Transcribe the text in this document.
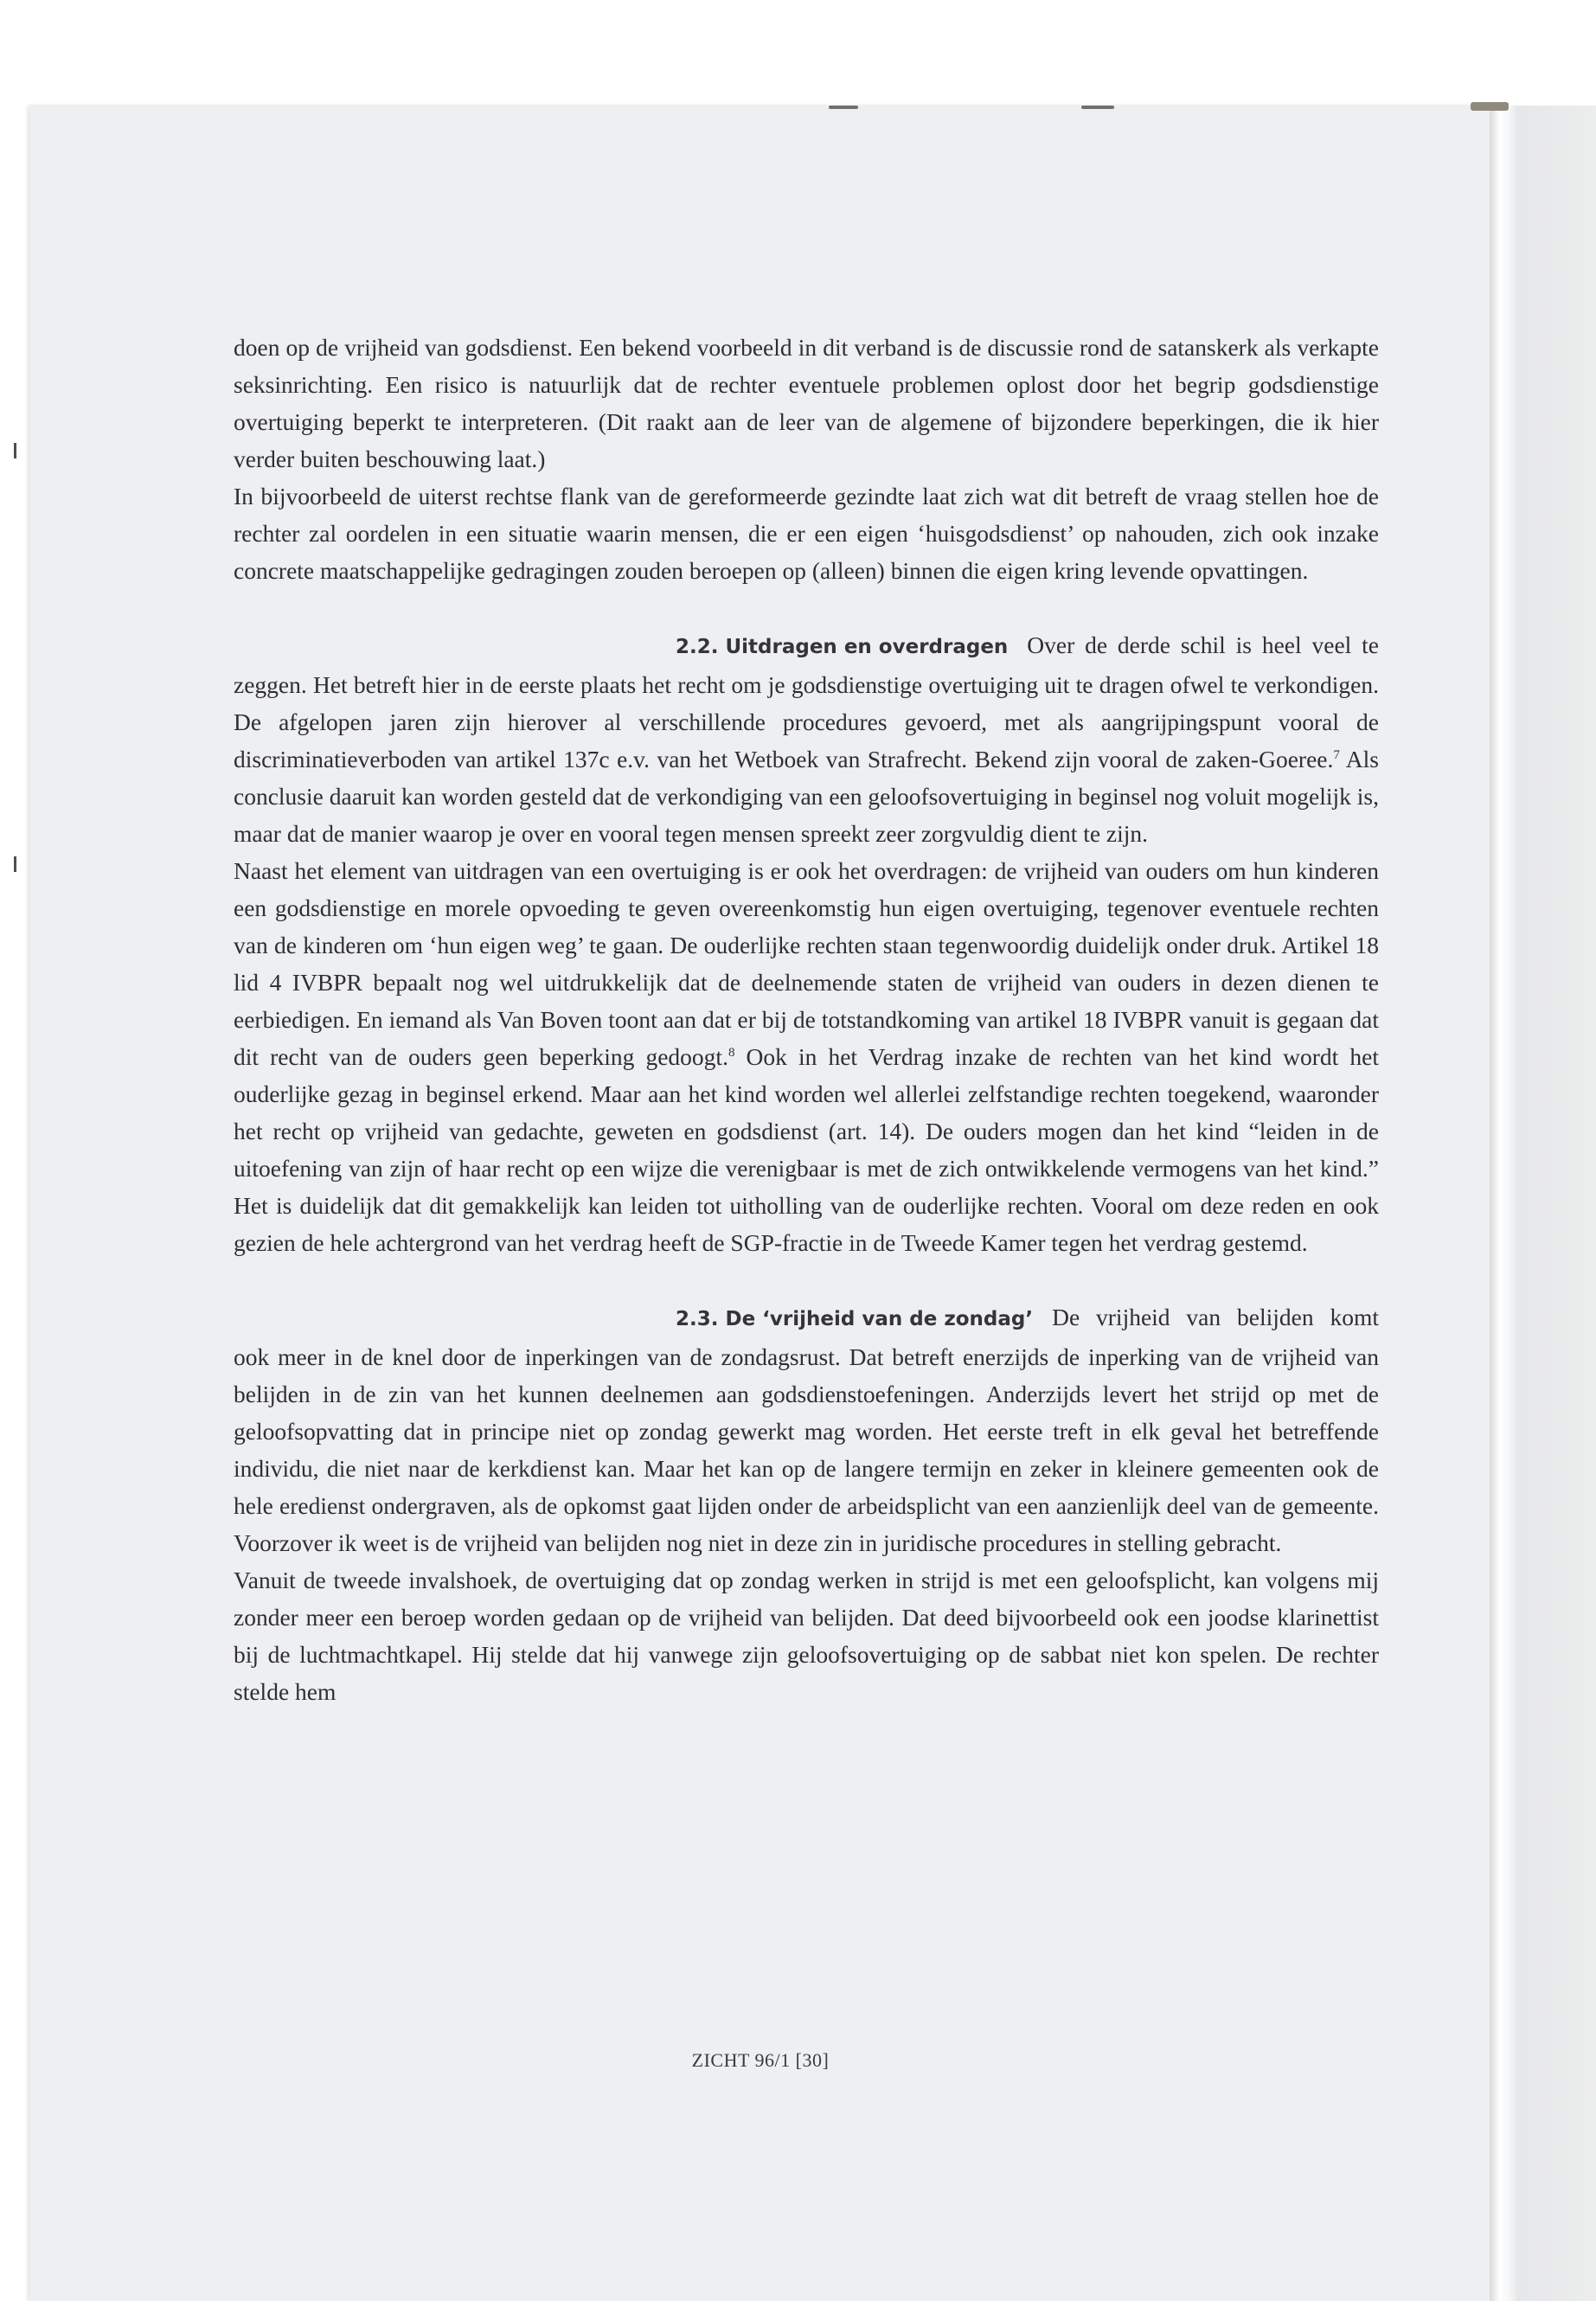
doen op de vrijheid van godsdienst. Een bekend voorbeeld in dit verband is de discussie rond de satanskerk als verkapte seksinrichting. Een risico is natuurlijk dat de rechter eventuele problemen oplost door het begrip godsdienstige overtuiging beperkt te interpreteren. (Dit raakt aan de leer van de algemene of bijzondere beperkingen, die ik hier verder buiten beschouwing laat.)

In bijvoorbeeld de uiterst rechtse flank van de gereformeerde gezindte laat zich wat dit betreft de vraag stellen hoe de rechter zal oordelen in een situatie waarin mensen, die er een eigen ‘huisgodsdienst’ op nahouden, zich ook inzake concrete maatschappelijke gedragingen zouden beroepen op (alleen) binnen die eigen kring levende opvattingen.

2.2. Uitdragen en overdragen Over de derde schil is heel veel te zeggen. Het betreft hier in de eerste plaats het recht om je godsdienstige overtuiging uit te dragen ofwel te verkondigen. De afgelopen jaren zijn hierover al verschillende procedures gevoerd, met als aangrijpingspunt vooral de discriminatieverboden van artikel 137c e.v. van het Wetboek van Strafrecht. Bekend zijn vooral de zaken-Goeree.$^7$ Als conclusie daaruit kan worden gesteld dat de verkondiging van een geloofsovertuiging in beginsel nog voluit mogelijk is, maar dat de manier waarop je over en vooral tegen mensen spreekt zeer zorgvuldig dient te zijn.

Naast het element van uitdragen van een overtuiging is er ook het overdragen: de vrijheid van ouders om hun kinderen een godsdienstige en morele opvoeding te geven overeenkomstig hun eigen overtuiging, tegenover eventuele rechten van de kinderen om ‘hun eigen weg’ te gaan. De ouderlijke rechten staan tegenwoordig duidelijk onder druk. Artikel 18 lid 4 IVBPR bepaalt nog wel uitdrukkelijk dat de deelnemende staten de vrijheid van ouders in dezen dienen te eerbiedigen. En iemand als Van Boven toont aan dat er bij de totstandkoming van artikel 18 IVBPR vanuit is gegaan dat dit recht van de ouders geen beperking gedoogt.$^8$ Ook in het Verdrag inzake de rechten van het kind wordt het ouderlijke gezag in beginsel erkend. Maar aan het kind worden wel allerlei zelfstandige rechten toegekend, waaronder het recht op vrijheid van gedachte, geweten en godsdienst (art. 14). De ouders mogen dan het kind “leiden in de uitoefening van zijn of haar recht op een wijze die verenigbaar is met de zich ontwikkelende vermogens van het kind.” Het is duidelijk dat dit gemakkelijk kan leiden tot uitholling van de ouderlijke rechten. Vooral om deze reden en ook gezien de hele achtergrond van het verdrag heeft de SGP-fractie in de Tweede Kamer tegen het verdrag gestemd.

2.3. De ‘vrijheid van de zondag’ De vrijheid van belijden komt ook meer in de knel door de inperkingen van de zondagsrust. Dat betreft enerzijds de inperking van de vrijheid van belijden in de zin van het kunnen deelnemen aan godsdienstoefeningen. Anderzijds levert het strijd op met de geloofsopvatting dat in principe niet op zondag gewerkt mag worden. Het eerste treft in elk geval het betreffende individu, die niet naar de kerkdienst kan. Maar het kan op de langere termijn en zeker in kleinere gemeenten ook de hele eredienst ondergraven, als de opkomst gaat lijden onder de arbeidsplicht van een aanzienlijk deel van de gemeente. Voorzover ik weet is de vrijheid van belijden nog niet in deze zin in juridische procedures in stelling gebracht.

Vanuit de tweede invalshoek, de overtuiging dat op zondag werken in strijd is met een geloofsplicht, kan volgens mij zonder meer een beroep worden gedaan op de vrijheid van belijden. Dat deed bijvoorbeeld ook een joodse klarinettist bij de luchtmachtkapel. Hij stelde dat hij vanwege zijn geloofsovertuiging op de sabbat niet kon spelen. De rechter stelde hem

ZICHT 96/1 [30]
